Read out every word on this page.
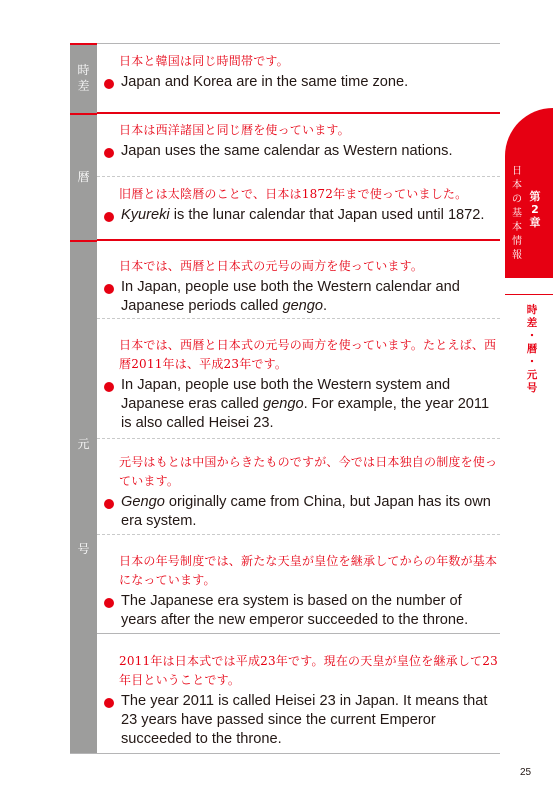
時
差
暦
元
号
日本と韓国は同じ時間帯です。
Japan and Korea are in the same time zone.
日本は西洋諸国と同じ暦を使っています。
Japan uses the same calendar as Western nations.
旧暦とは太陰暦のことで、日本は1872年まで使っていました。
Kyureki is the lunar calendar that Japan used until 1872.
日本では、西暦と日本式の元号の両方を使っています。
In Japan, people use both the Western calendar and Japanese periods called gengo.
日本では、西暦と日本式の元号の両方を使っています。たとえば、西暦2011年は、平成23年です。
In Japan, people use both the Western system and Japanese eras called gengo. For example, the year 2011 is also called Heisei 23.
元号はもとは中国からきたものですが、今では日本独自の制度を使っています。
Gengo originally came from China, but Japan has its own era system.
日本の年号制度では、新たな天皇が皇位を継承してからの年数が基本になっています。
The Japanese era system is based on the number of years after the new emperor succeeded to the throne.
2011年は日本式では平成23年です。現在の天皇が皇位を継承して23年目ということです。
The year 2011 is called Heisei 23 in Japan. It means that 23 years have passed since the current Emperor succeeded to the throne.
日
本
の
基
本
情
報
第
2
章
時
差
・
暦
・
元
号
25
